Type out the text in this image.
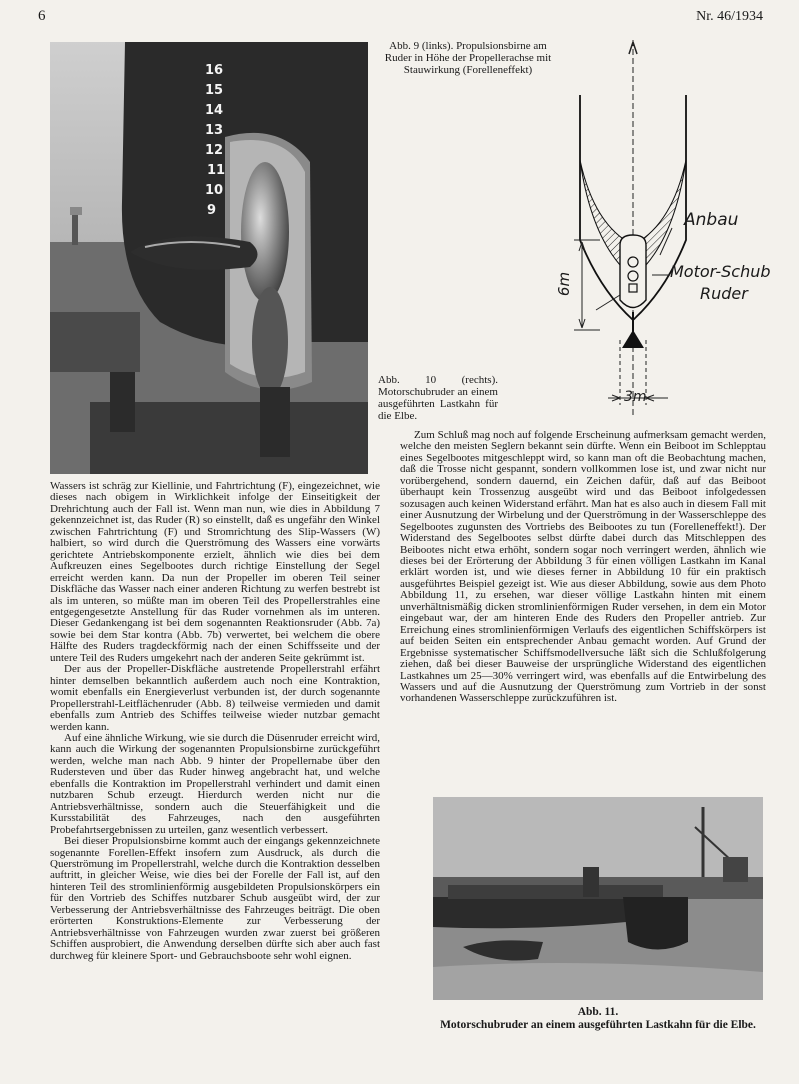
6	Nr. 46/1934
16
15
14
13
12
11
10
9
Abb. 9 (links). Propulsionsbirne am Ruder in Höhe der Propellerachse mit Stauwirkung (Forelleneffekt)
Abb. 10 (rechts). Motorschubruder an einem ausgeführten Lastkahn für die Elbe.
Anbau
Motor-Schub
Ruder
6m
3m

Wassers ist schräg zur Kiellinie, und Fahrtrichtung (F), eingezeichnet, wie dieses nach obigem in Wirklichkeit infolge der Einseitigkeit der Drehrichtung auch der Fall ist. Wenn man nun, wie dies in Abbildung 7 gekennzeichnet ist, das Ruder (R) so einstellt, daß es ungefähr den Winkel zwischen Fahrtrichtung (F) und Stromrichtung des Slip-Wassers (W) halbiert, so wird durch die Querströmung des Wassers eine vorwärts gerichtete Antriebskomponente erzielt, ähnlich wie dies bei dem Aufkreuzen eines Segelbootes durch richtige Einstellung der Segel erreicht werden kann. Da nun der Propeller im oberen Teil seiner Diskfläche das Wasser nach einer anderen Richtung zu werfen bestrebt ist als im unteren, so müßte man im oberen Teil des Propellerstrahles eine entgegengesetzte Anstellung für das Ruder vornehmen als im unteren. Dieser Gedankengang ist bei dem sogenannten Reaktionsruder (Abb. 7a) sowie bei dem Star kontra (Abb. 7b) verwertet, bei welchem die obere Hälfte des Ruders tragdeckförmig nach der einen Schiffsseite und der untere Teil des Ruders umgekehrt nach der anderen Seite gekrümmt ist.

Der aus der Propeller-Diskfläche austretende Propellerstrahl erfährt hinter demselben bekanntlich außerdem auch noch eine Kontraktion, womit ebenfalls ein Energieverlust verbunden ist, der durch sogenannte Propellerstrahl-Leitflächenruder (Abb. 8) teilweise vermieden und damit ebenfalls zum Antrieb des Schiffes teilweise wieder nutzbar gemacht werden kann.

Auf eine ähnliche Wirkung, wie sie durch die Düsenruder erreicht wird, kann auch die Wirkung der sogenannten Propulsionsbirne zurückgeführt werden, welche man nach Abb. 9 hinter der Propellernabe über den Rudersteven und über das Ruder hinweg angebracht hat, und welche ebenfalls die Kontraktion im Propellerstrahl verhindert und damit einen nutzbaren Schub erzeugt. Hierdurch werden nicht nur die Antriebsverhältnisse, sondern auch die Steuerfähigkeit und die Kursstabilität des Fahrzeuges, nach den ausgeführten Probefahrtsergebnissen zu urteilen, ganz wesentlich verbessert.

Bei dieser Propulsionsbirne kommt auch der eingangs gekennzeichnete sogenannte Forellen-Effekt insofern zum Ausdruck, als durch die Querströmung im Propellerstrahl, welche durch die Kontraktion desselben auftritt, in gleicher Weise, wie dies bei der Forelle der Fall ist, auf den hinteren Teil des stromlinienförmig ausgebildeten Propulsionskörpers ein für den Vortrieb des Schiffes nutzbarer Schub ausgeübt wird, der zur Verbesserung der Antriebsverhältnisse des Fahrzeuges beiträgt. Die oben erörterten Konstruktions-Elemente zur Verbesserung der Antriebsverhältnisse von Fahrzeugen wurden zwar zuerst bei größeren Schiffen ausprobiert, die Anwendung derselben dürfte sich aber auch fast durchweg für kleinere Sport- und Gebrauchsboote sehr wohl eignen.

Zum Schluß mag noch auf folgende Erscheinung aufmerksam gemacht werden, welche den meisten Seglern bekannt sein dürfte. Wenn ein Beiboot im Schlepptau eines Segelbootes mitgeschleppt wird, so kann man oft die Beobachtung machen, daß die Trosse nicht gespannt, sondern vollkommen lose ist, und zwar nicht nur vorübergehend, sondern dauernd, ein Zeichen dafür, daß auf das Beiboot überhaupt kein Trossenzug ausgeübt wird und das Beiboot infolgedessen sozusagen auch keinen Widerstand erfährt. Man hat es also auch in diesem Fall mit einer Ausnutzung der Wirbelung und der Querströmung in der Wasserschleppe des Segelbootes zugunsten des Vortriebs des Beibootes zu tun (Forelleneffekt!). Der Widerstand des Segelbootes selbst dürfte dabei durch das Mitschleppen des Beibootes nicht etwa erhöht, sondern sogar noch verringert werden, ähnlich wie dieses bei der Erörterung der Abbildung 3 für einen völligen Lastkahn im Kanal erklärt worden ist, und wie dieses ferner in Abbildung 10 für ein praktisch ausgeführtes Beispiel gezeigt ist. Wie aus dieser Abbildung, sowie aus dem Photo Abbildung 11, zu ersehen, war dieser völlige Lastkahn hinten mit einem unverhältnismäßig dicken stromlinienförmigen Ruder versehen, in dem ein Motor eingebaut war, der am hinteren Ende des Ruders den Propeller antrieb. Zur Erreichung eines stromlinienförmigen Verlaufs des eigentlichen Schiffskörpers ist auf beiden Seiten ein entsprechender Anbau gemacht worden. Auf Grund der Ergebnisse systematischer Schiffsmodellversuche läßt sich die Schlußfolgerung ziehen, daß bei dieser Bauweise der ursprüngliche Widerstand des eigentlichen Lastkahnes um 25—30% verringert wird, was ebenfalls auf die Entwirbelung des Wassers und auf die Ausnutzung der Querströmung zum Vortrieb in der sonst vorhandenen Wasserschleppe zurückzuführen ist.

Abb. 11.
Motorschubruder an einem ausgeführten Lastkahn für die Elbe.
